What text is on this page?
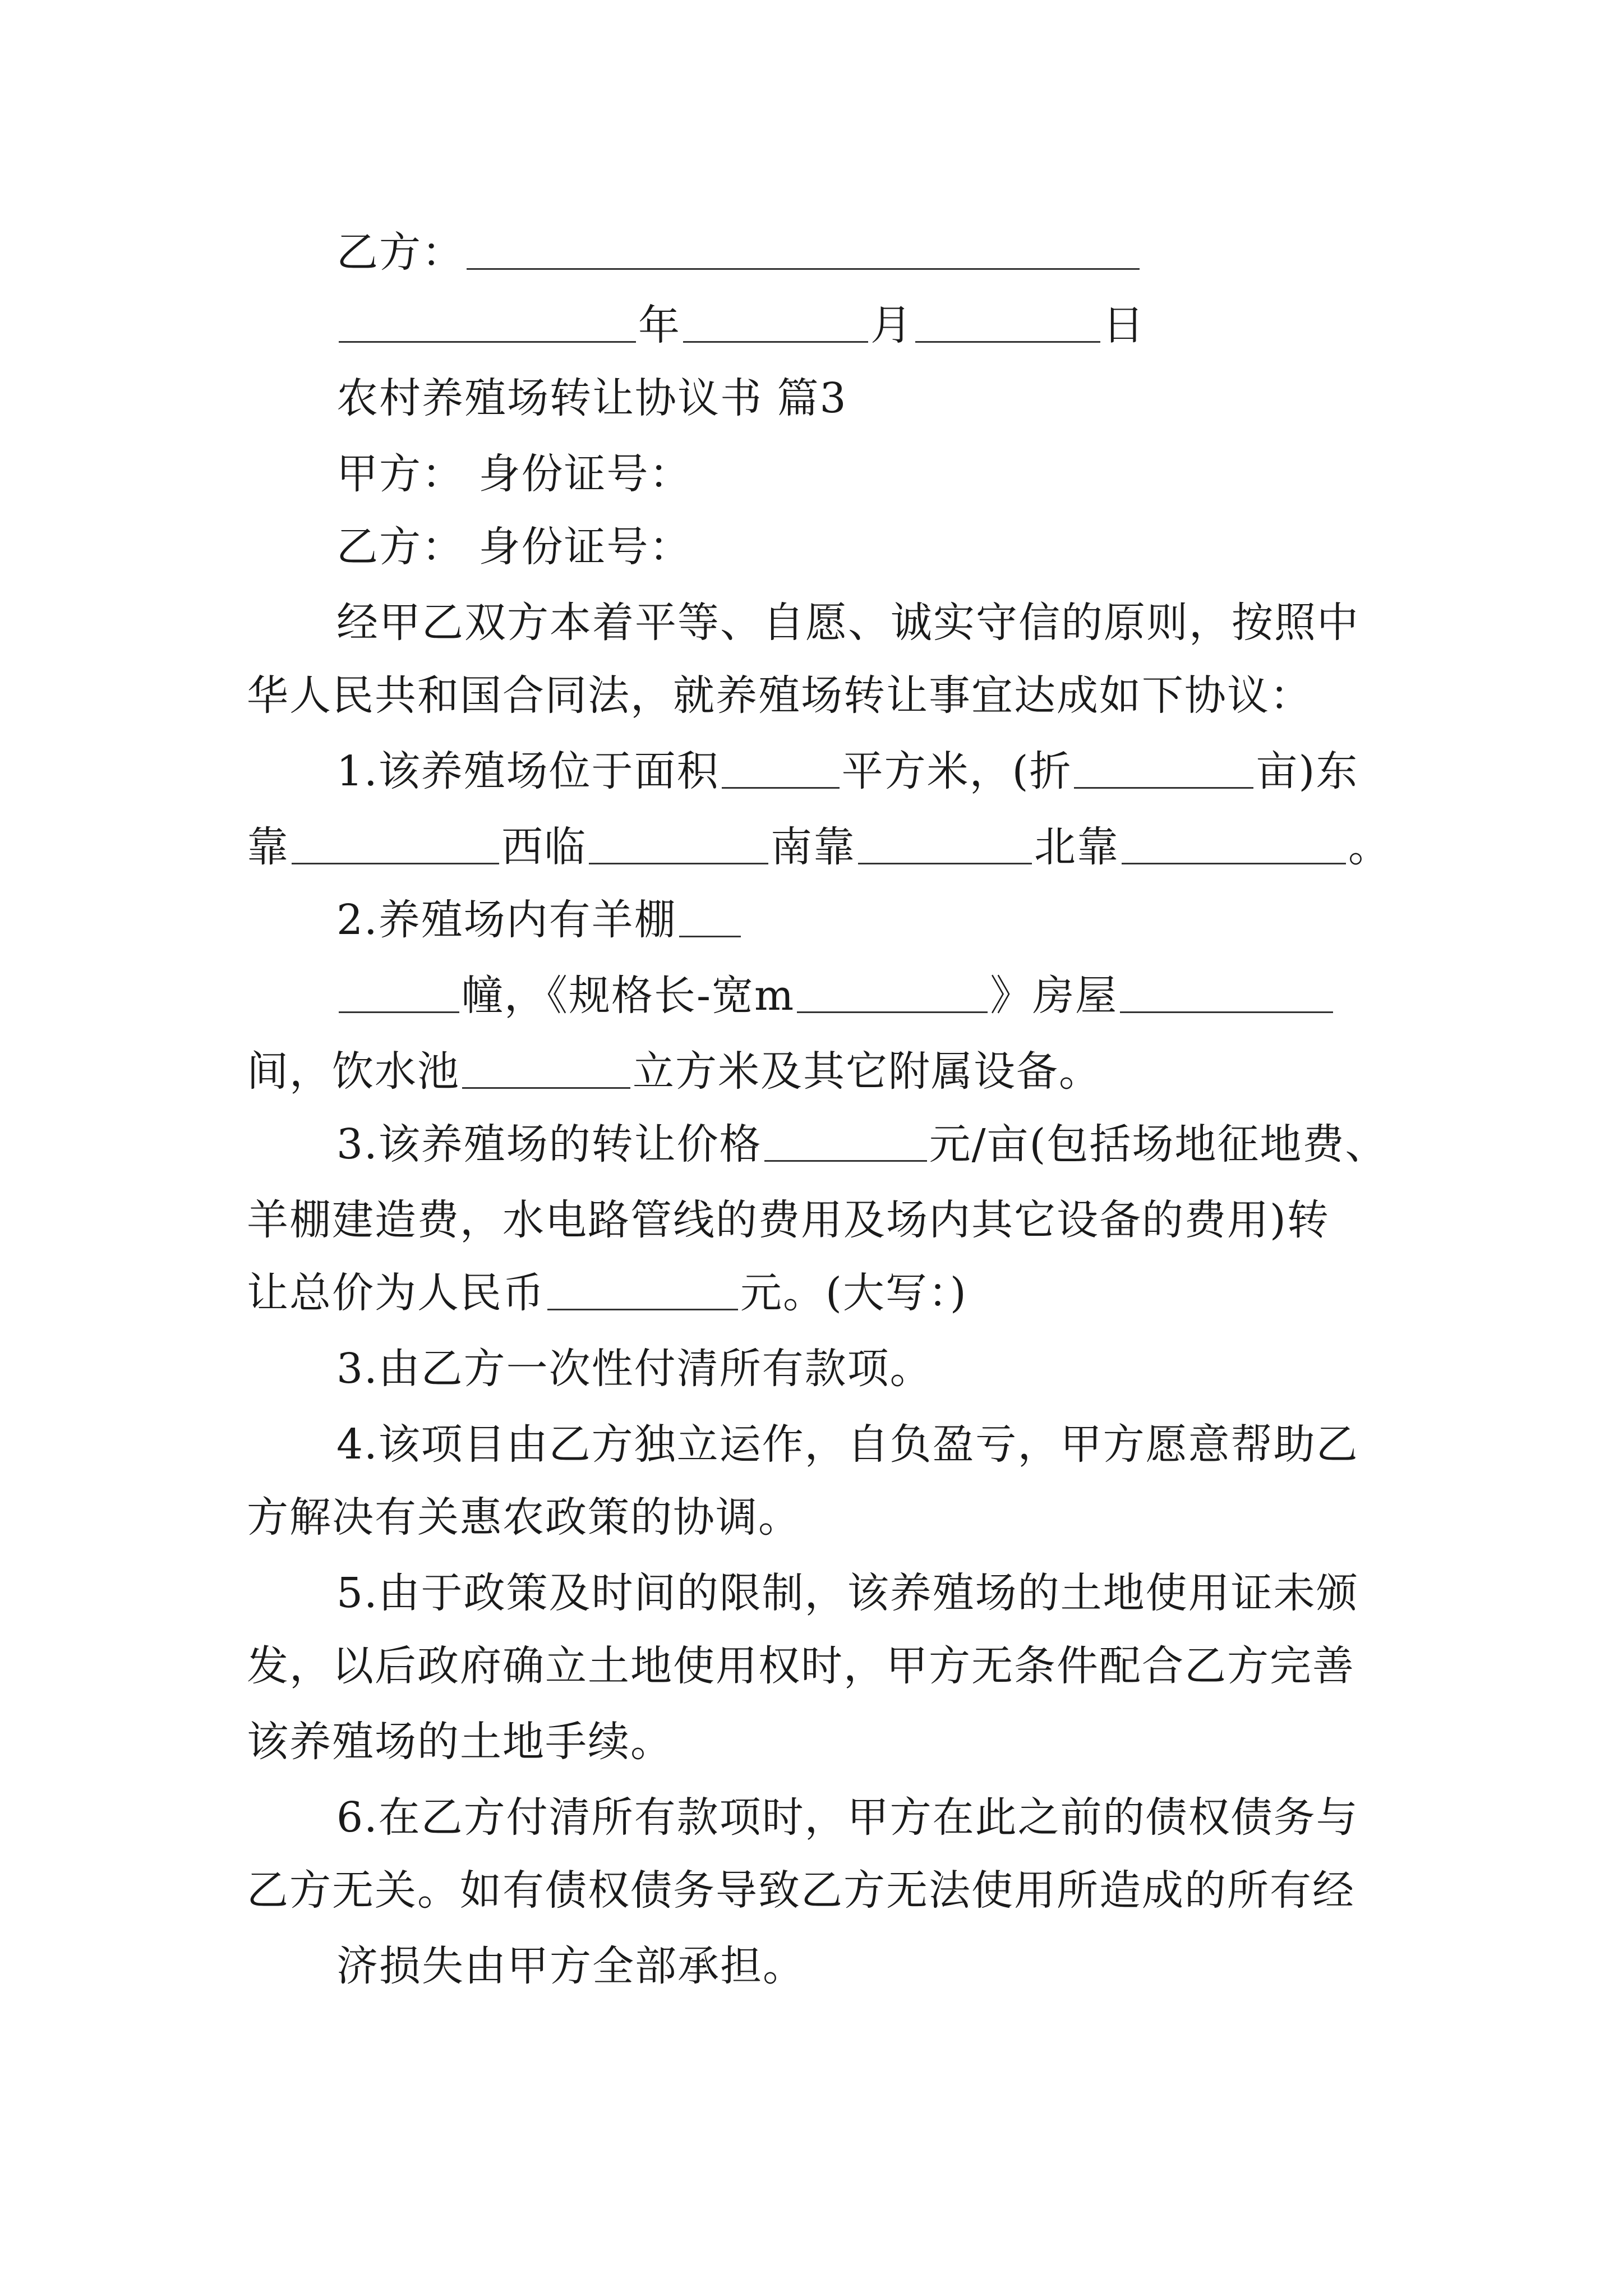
乙方：
年	月	日
农村养殖场转让协议书 篇3
甲方： 身份证号：
乙方： 身份证号：
经甲乙双方本着平等、自愿、诚实守信的原则，按照中
华人民共和国合同法，就养殖场转让事宜达成如下协议：
1.该养殖场位于面积	平方米，(折	亩)东
靠	西临	南靠	北靠	。
2.养殖场内有羊棚
幢，《规格长-宽m	》房屋
间，饮水池	立方米及其它附属设备。
3.该养殖场的转让价格	元/亩(包括场地征地费、
羊棚建造费，水电路管线的费用及场内其它设备的费用)转
让总价为人民币	元。(大写：)
3.由乙方一次性付清所有款项。
4.该项目由乙方独立运作，自负盈亏，甲方愿意帮助乙
方解决有关惠农政策的协调。
5.由于政策及时间的限制，该养殖场的土地使用证未颁
发，以后政府确立土地使用权时，甲方无条件配合乙方完善
该养殖场的土地手续。
6.在乙方付清所有款项时，甲方在此之前的债权债务与
乙方无关。如有债权债务导致乙方无法使用所造成的所有经
济损失由甲方全部承担。
